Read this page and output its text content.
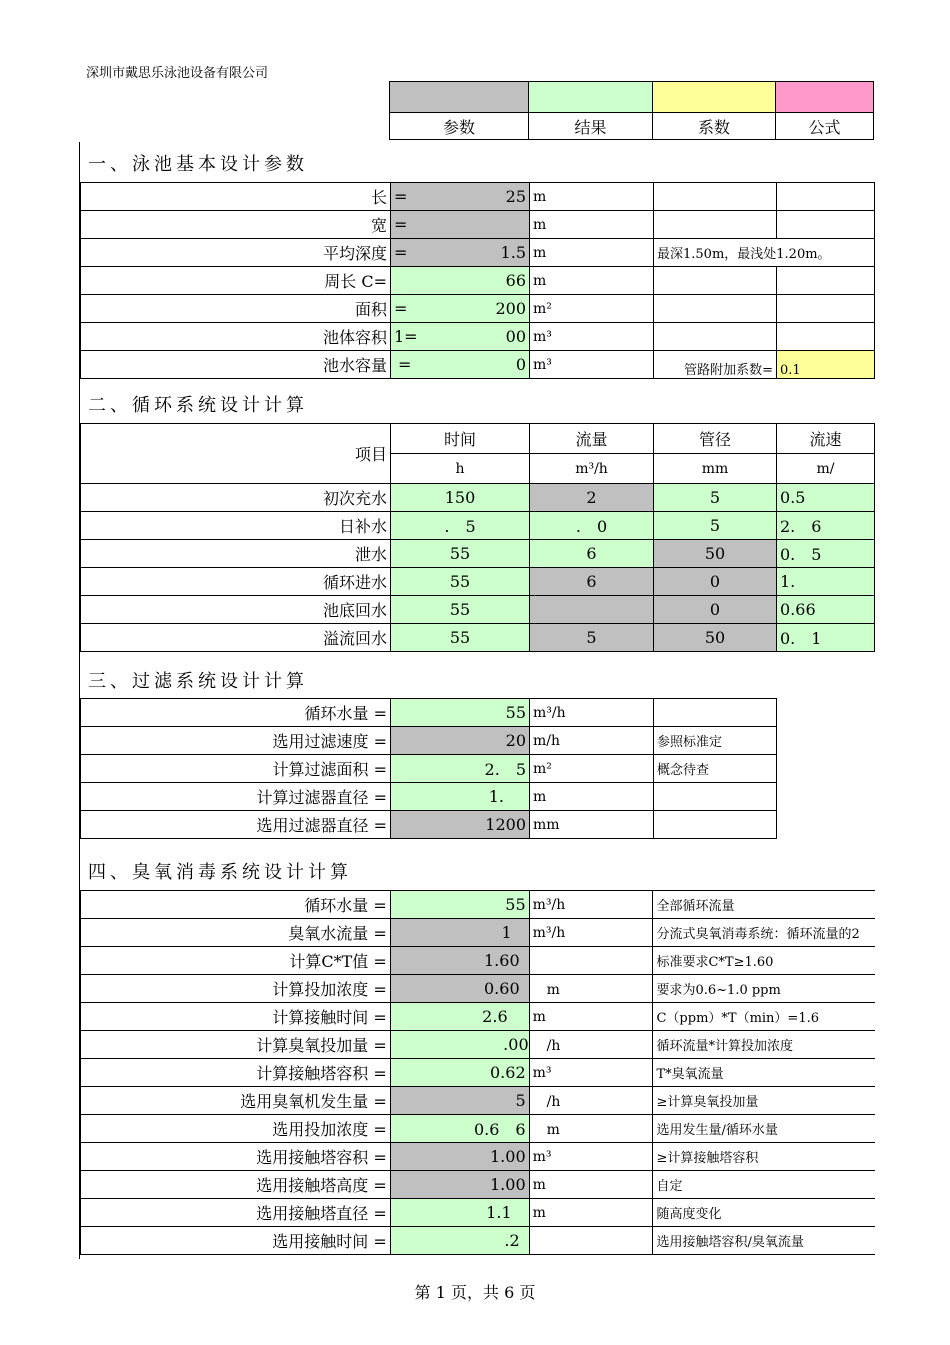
深圳市戴思乐泳池设备有限公司

参数	结果	系数	公式
一、泳池基本设计参数
长	= 25	m		
宽	=	m		
平均深度	= 1.5	m	最深1.50m，最浅处1.20m。	
周长 C=	66	m		
面积	= 200	m²		
池体容积	1= 00	m³		
池水容量	= 0	m³	管路附加系数=	0.1
二、循环系统设计计算
项目	时间	流量	管径	流速
	h	m³/h	mm	m/
初次充水	150	2	5	0.5
日补水	.　5	.　0	5	2.　6
泄水	55	6	50	0.　5
循环进水	55	6	0	1.
池底回水	55		0	0.66
溢流回水	55	5	50	0.　1
三、过滤系统设计计算
循环水量 =	55	m³/h	
选用过滤速度 =	20	m/h	参照标准定
计算过滤面积 =	2.　5	m²	概念待查
计算过滤器直径 =	1.	m	
选用过滤器直径 =	1200	mm	
四、臭氧消毒系统设计计算
循环水量 =	55	m³/h	全部循环流量
臭氧水流量 =	1	m³/h	分流式臭氧消毒系统：循环流量的2
计算C*T值 =	1.60		标准要求C*T≥1.60
计算投加浓度 =	0.60	　m	要求为0.6~1.0 ppm
计算接触时间 =	2.6	m	C（ppm）*T（min）=1.6
计算臭氧投加量 =	.00	　/h	循环流量*计算投加浓度
计算接触塔容积 =	0.62	m³	T*臭氧流量
选用臭氧机发生量 =	5	　/h	≥计算臭氧投加量
选用投加浓度 =	0.6　6	　m	选用发生量/循环水量
选用接触塔容积 =	1.00	m³	≥计算接触塔容积
选用接触塔高度 =	1.00	m	自定
选用接触塔直径 =	1.1	m	随高度变化
选用接触时间 =	.2		选用接触塔容积/臭氧流量
第 1 页，共 6 页
